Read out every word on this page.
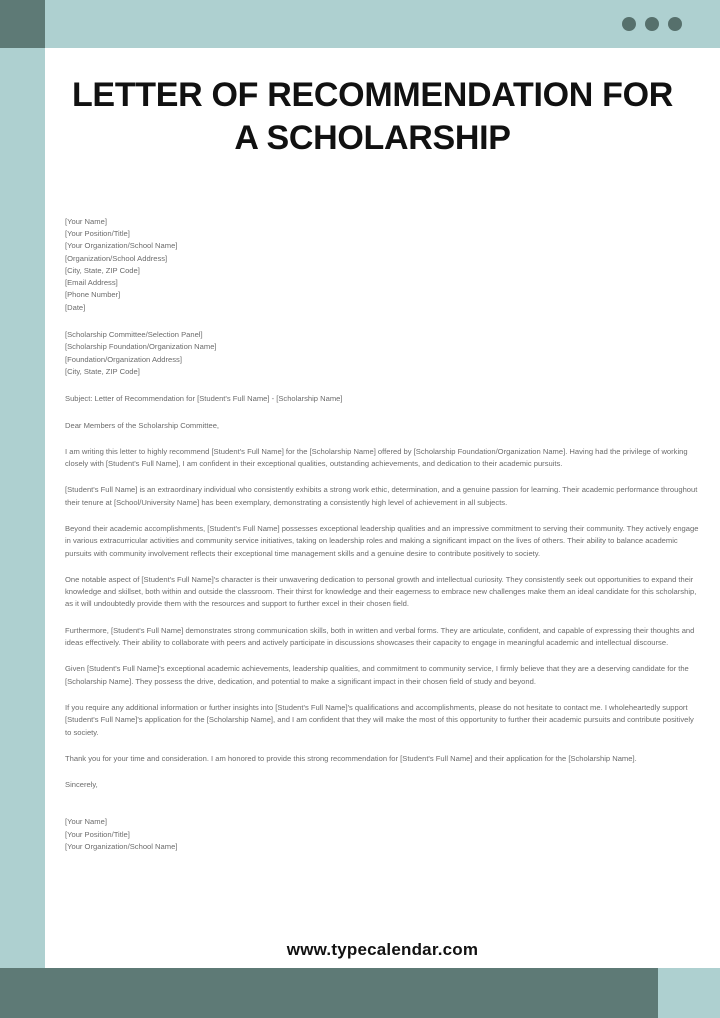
LETTER OF RECOMMENDATION FOR A SCHOLARSHIP
[Your Name]
[Your Position/Title]
[Your Organization/School Name]
[Organization/School Address]
[City, State, ZIP Code]
[Email Address]
[Phone Number]
[Date]
[Scholarship Committee/Selection Panel]
[Scholarship Foundation/Organization Name]
[Foundation/Organization Address]
[City, State, ZIP Code]

Subject: Letter of Recommendation for [Student's Full Name] - [Scholarship Name]

Dear Members of the Scholarship Committee,

I am writing this letter to highly recommend [Student's Full Name] for the [Scholarship Name] offered by [Scholarship Foundation/Organization Name]. Having had the privilege of working closely with [Student's Full Name], I am confident in their exceptional qualities, outstanding achievements, and dedication to their academic pursuits.

[Student's Full Name] is an extraordinary individual who consistently exhibits a strong work ethic, determination, and a genuine passion for learning. Their academic performance throughout their tenure at [School/University Name] has been exemplary, demonstrating a consistently high level of achievement in all subjects.

Beyond their academic accomplishments, [Student's Full Name] possesses exceptional leadership qualities and an impressive commitment to serving their community. They actively engage in various extracurricular activities and community service initiatives, taking on leadership roles and making a significant impact on the lives of others. Their ability to balance academic pursuits with community involvement reflects their exceptional time management skills and a genuine desire to contribute positively to society.

One notable aspect of [Student's Full Name]'s character is their unwavering dedication to personal growth and intellectual curiosity. They consistently seek out opportunities to expand their knowledge and skillset, both within and outside the classroom. Their thirst for knowledge and their eagerness to embrace new challenges make them an ideal candidate for this scholarship, as it will undoubtedly provide them with the resources and support to further excel in their chosen field.

Furthermore, [Student's Full Name] demonstrates strong communication skills, both in written and verbal forms. They are articulate, confident, and capable of expressing their thoughts and ideas effectively. Their ability to collaborate with peers and actively participate in discussions showcases their capacity to engage in meaningful academic and intellectual discourse.

Given [Student's Full Name]'s exceptional academic achievements, leadership qualities, and commitment to community service, I firmly believe that they are a deserving candidate for the [Scholarship Name]. They possess the drive, dedication, and potential to make a significant impact in their chosen field of study and beyond.

If you require any additional information or further insights into [Student's Full Name]'s qualifications and accomplishments, please do not hesitate to contact me. I wholeheartedly support [Student's Full Name]'s application for the [Scholarship Name], and I am confident that they will make the most of this opportunity to further their academic pursuits and contribute positively to society.

Thank you for your time and consideration. I am honored to provide this strong recommendation for [Student's Full Name] and their application for the [Scholarship Name].

Sincerely,

[Your Name]
[Your Position/Title]
[Your Organization/School Name]
www.typecalendar.com
